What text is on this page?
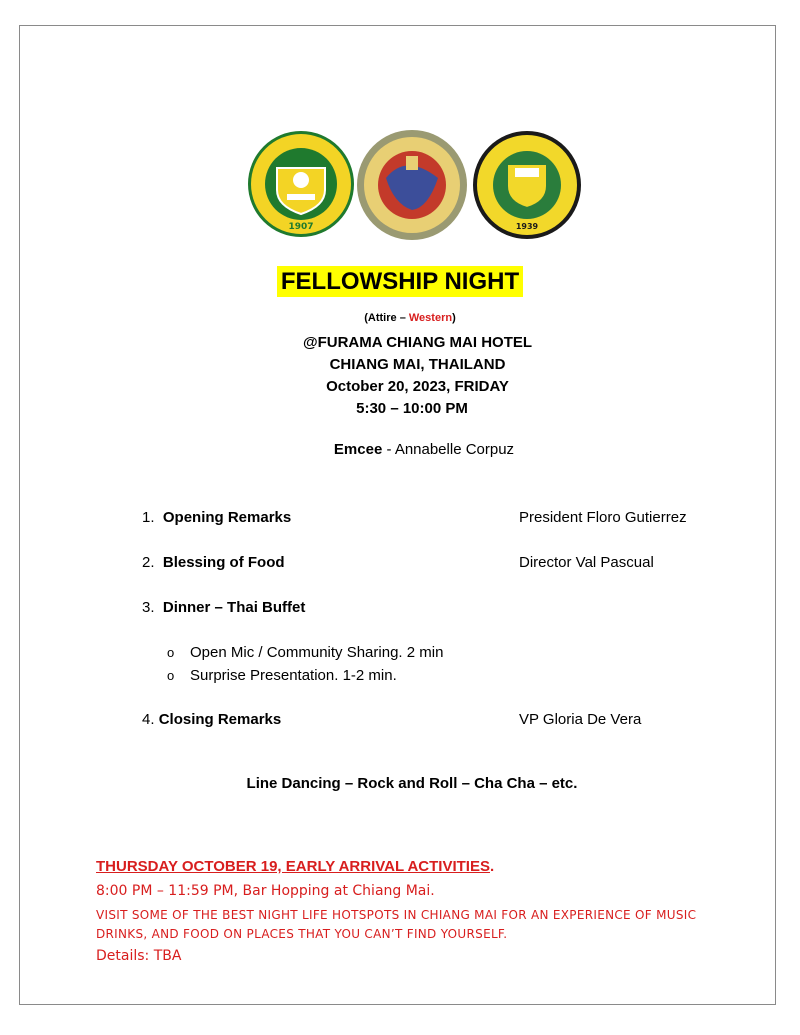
1907	1939
FELLOWSHIP NIGHT
(Attire – Western)
@FURAMA CHIANG MAI HOTEL
CHIANG MAI, THAILAND
October 20, 2023, FRIDAY
5:30 – 10:00 PM
Emcee - Annabelle Corpuz
1. Opening Remarks	President Floro Gutierrez
2. Blessing of Food	Director Val Pascual
3. Dinner – Thai Buffet
o Open Mic / Community Sharing. 2 min
o Surprise Presentation. 1-2 min.
4. Closing Remarks	VP Gloria De Vera
Line Dancing – Rock and Roll – Cha Cha – etc.
THURSDAY OCTOBER 19, EARLY ARRIVAL ACTIVITIES.
8:00 PM – 11:59 PM, Bar Hopping at Chiang Mai.
VISIT SOME OF THE BEST NIGHT LIFE HOTSPOTS IN CHIANG MAI FOR AN EXPERIENCE OF MUSIC
DRINKS, AND FOOD ON PLACES THAT YOU CAN’T FIND YOURSELF.
Details: TBA
